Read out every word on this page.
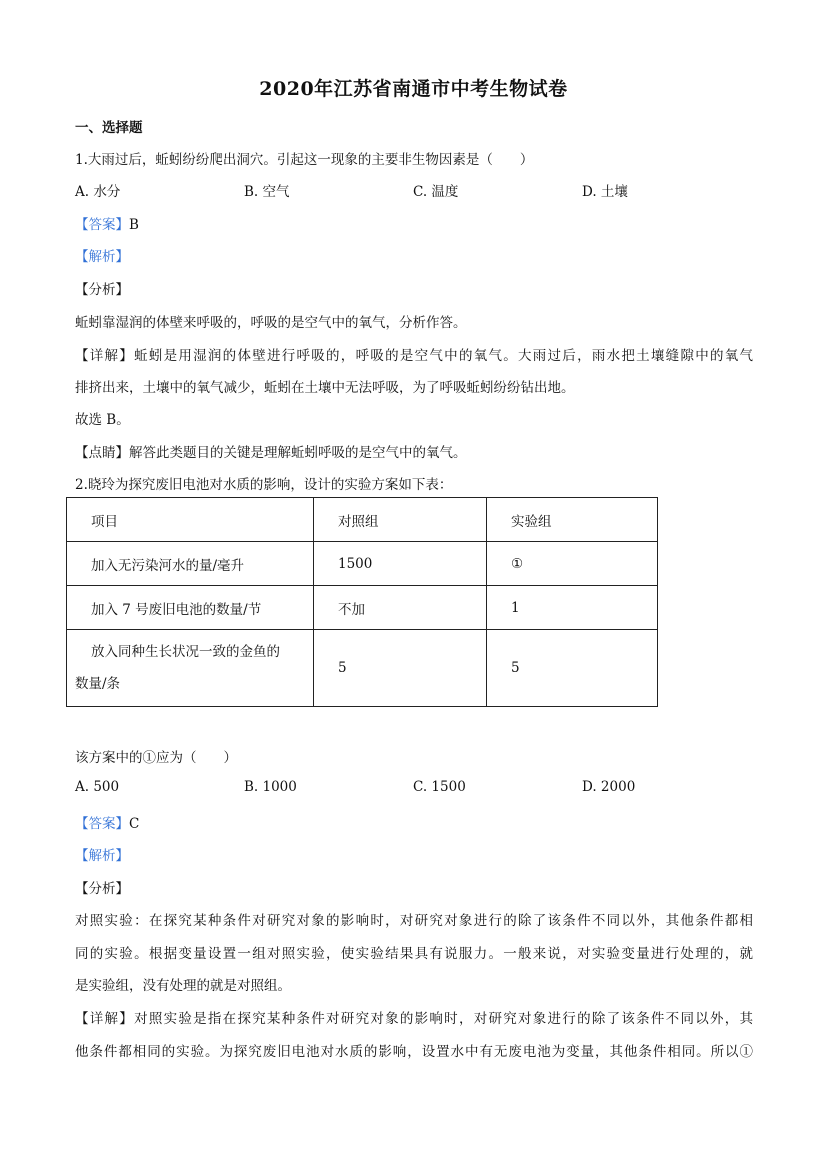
2020年江苏省南通市中考生物试卷
一、选择题
1.大雨过后，蚯蚓纷纷爬出洞穴。引起这一现象的主要非生物因素是（　　）
A. 水分	B. 空气	C. 温度	D. 土壤
【答案】B
【解析】
【分析】
蚯蚓靠湿润的体壁来呼吸的，呼吸的是空气中的氧气，分析作答。
【详解】蚯蚓是用湿润的体壁进行呼吸的，呼吸的是空气中的氧气。大雨过后，雨水把土壤缝隙中的氧气
排挤出来，土壤中的氧气减少，蚯蚓在土壤中无法呼吸，为了呼吸蚯蚓纷纷钻出地。
故选 B。
【点睛】解答此类题目的关键是理解蚯蚓呼吸的是空气中的氧气。
2.晓玲为探究废旧电池对水质的影响，设计的实验方案如下表：
项目	对照组	实验组
加入无污染河水的量/毫升	1500	①
加入 7 号废旧电池的数量/节	不加	1

放入同种生长状况一致的金鱼的
数量/条	5	5
该方案中的①应为（　　）
A. 500	B. 1000	C. 1500	D. 2000
【答案】C
【解析】
【分析】
对照实验：在探究某种条件对研究对象的影响时，对研究对象进行的除了该条件不同以外，其他条件都相
同的实验。根据变量设置一组对照实验，使实验结果具有说服力。一般来说，对实验变量进行处理的，就
是实验组，没有处理的就是对照组。
【详解】对照实验是指在探究某种条件对研究对象的影响时，对研究对象进行的除了该条件不同以外，其
他条件都相同的实验。为探究废旧电池对水质的影响，设置水中有无废电池为变量，其他条件相同。所以①
